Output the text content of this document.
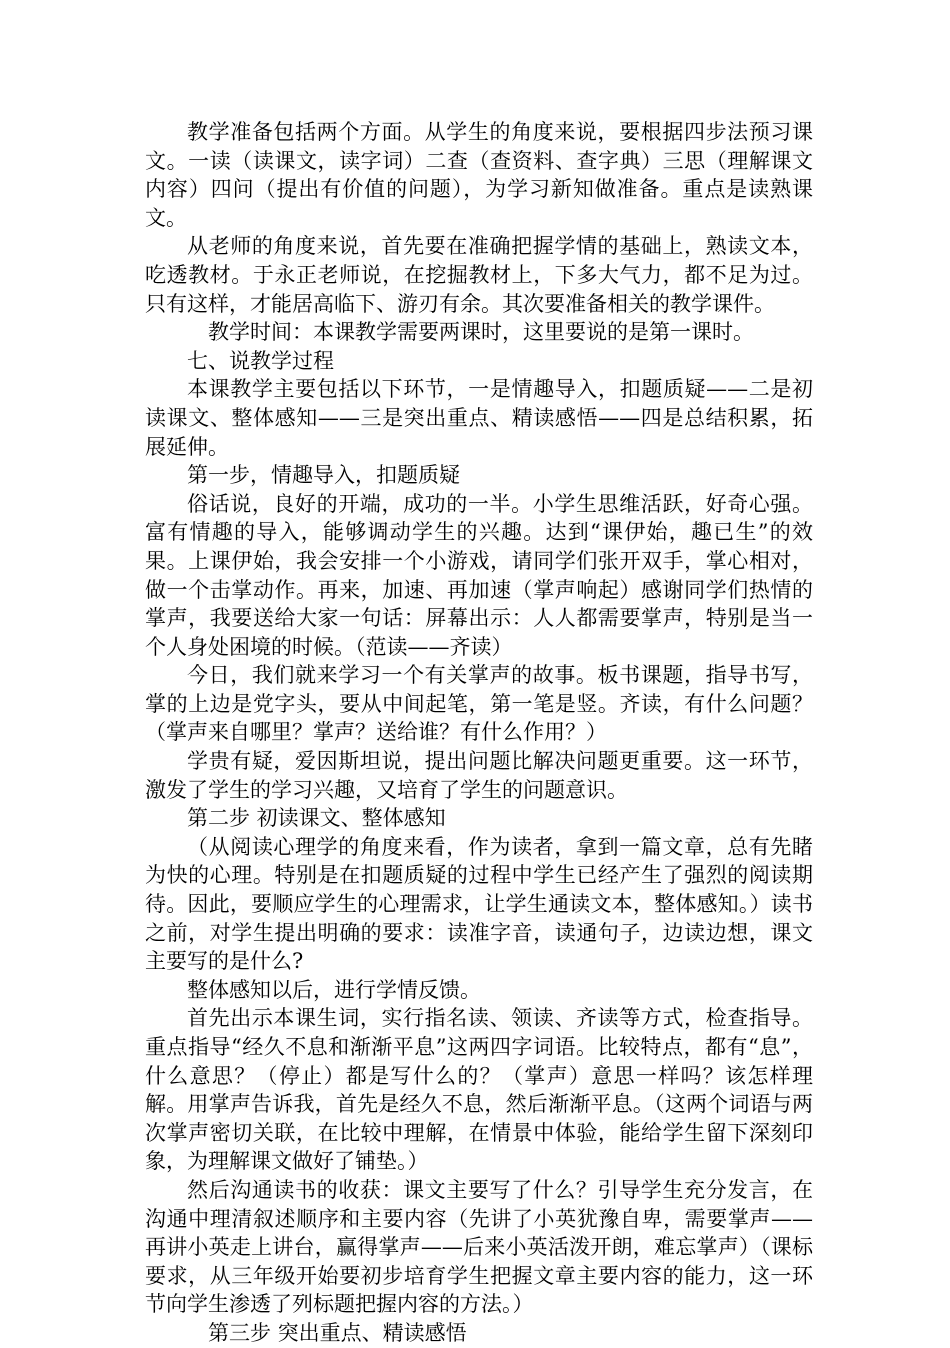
教学准备包括两个方面。从学生的角度来说，要根据四步法预习课文。一读（读课文，读字词）二查（查资料、查字典）三思（理解课文内容）四问（提出有价值的问题），为学习新知做准备。重点是读熟课文。

从老师的角度来说，首先要在准确把握学情的基础上，熟读文本，吃透教材。于永正老师说，在挖掘教材上，下多大气力，都不足为过。只有这样，才能居高临下、游刃有余。其次要准备相关的教学课件。

教学时间：本课教学需要两课时，这里要说的是第一课时。

七、说教学过程

本课教学主要包括以下环节，一是情趣导入，扣题质疑——二是初读课文、整体感知——三是突出重点、精读感悟——四是总结积累，拓展延伸。

第一步，情趣导入，扣题质疑

俗话说，良好的开端，成功的一半。小学生思维活跃，好奇心强。富有情趣的导入，能够调动学生的兴趣。达到“课伊始，趣已生”的效果。上课伊始，我会安排一个小游戏，请同学们张开双手，掌心相对，做一个击掌动作。再来，加速、再加速（掌声响起）感谢同学们热情的掌声，我要送给大家一句话：屏幕出示：人人都需要掌声，特别是当一个人身处困境的时候。（范读——齐读）

今日，我们就来学习一个有关掌声的故事。板书课题，指导书写，掌的上边是党字头，要从中间起笔，第一笔是竖。齐读，有什么问题？（掌声来自哪里？掌声？送给谁？有什么作用？）

学贵有疑，爱因斯坦说，提出问题比解决问题更重要。这一环节，激发了学生的学习兴趣，又培育了学生的问题意识。

第二步 初读课文、整体感知

（从阅读心理学的角度来看，作为读者，拿到一篇文章，总有先睹为快的心理。特别是在扣题质疑的过程中学生已经产生了强烈的阅读期待。因此，要顺应学生的心理需求，让学生通读文本，整体感知。）读书之前，对学生提出明确的要求：读准字音，读通句子，边读边想，课文主要写的是什么?

整体感知以后，进行学情反馈。

首先出示本课生词，实行指名读、领读、齐读等方式，检查指导。重点指导“经久不息和渐渐平息”这两四字词语。比较特点，都有“息”，什么意思？（停止）都是写什么的？（掌声）意思一样吗？该怎样理解。用掌声告诉我，首先是经久不息，然后渐渐平息。（这两个词语与两次掌声密切关联，在比较中理解，在情景中体验，能给学生留下深刻印象，为理解课文做好了铺垫。）

然后沟通读书的收获：课文主要写了什么？引导学生充分发言，在沟通中理清叙述顺序和主要内容（先讲了小英犹豫自卑，需要掌声——再讲小英走上讲台，赢得掌声——后来小英活泼开朗，难忘掌声）（课标要求，从三年级开始要初步培育学生把握文章主要内容的能力，这一环节向学生渗透了列标题把握内容的方法。）

第三步 突出重点、精读感悟
